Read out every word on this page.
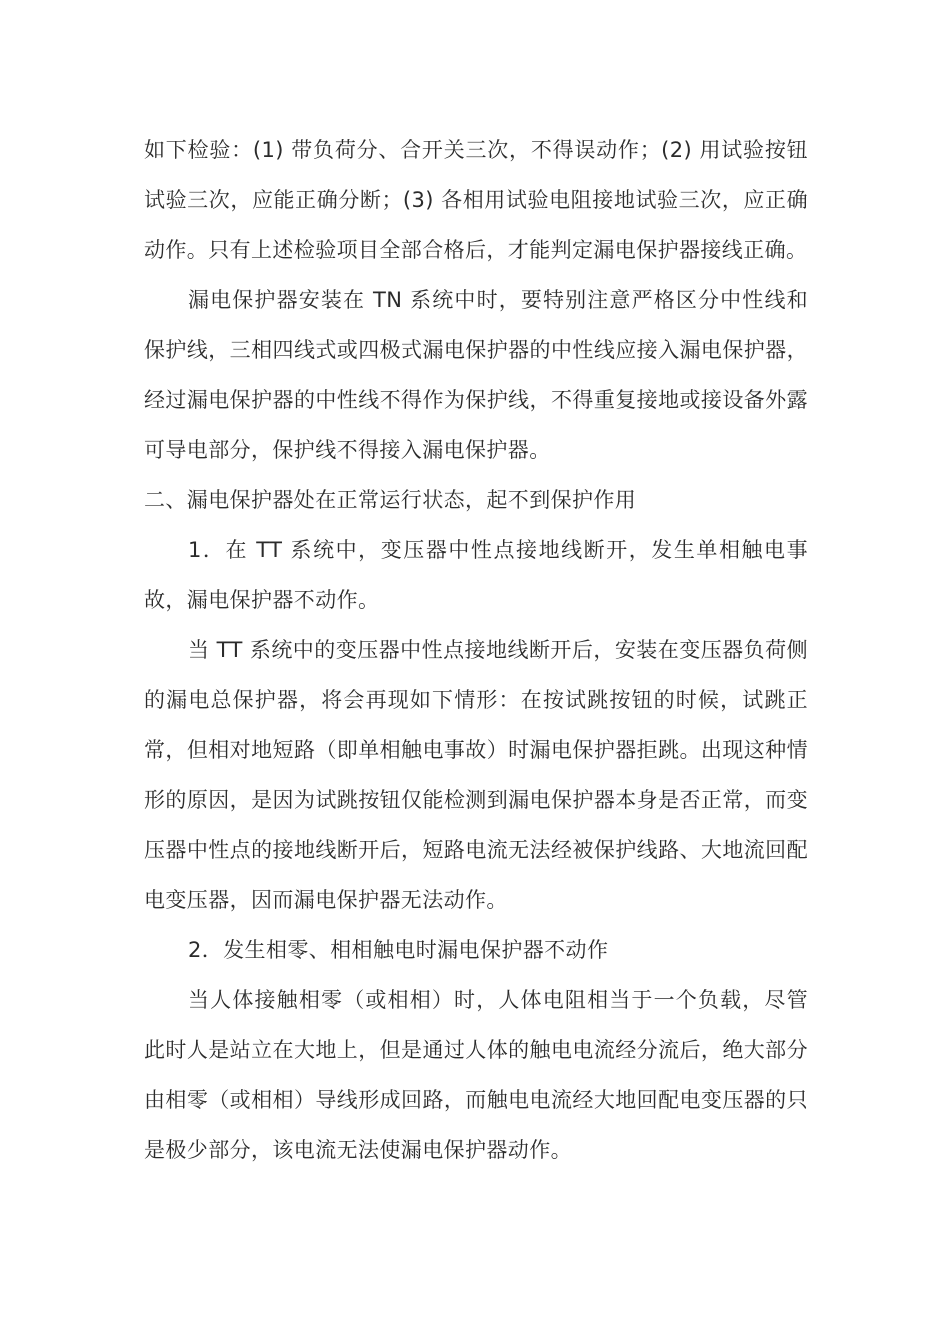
如下检验：(1) 带负荷分、合开关三次，不得误动作；(2) 用试验按钮试验三次，应能正确分断；(3) 各相用试验电阻接地试验三次，应正确动作。只有上述检验项目全部合格后，才能判定漏电保护器接线正确。

漏电保护器安装在 TN 系统中时，要特别注意严格区分中性线和保护线，三相四线式或四极式漏电保护器的中性线应接入漏电保护器，经过漏电保护器的中性线不得作为保护线，不得重复接地或接设备外露可导电部分，保护线不得接入漏电保护器。

二、漏电保护器处在正常运行状态，起不到保护作用

1．在 TT 系统中，变压器中性点接地线断开，发生单相触电事故，漏电保护器不动作。

当 TT 系统中的变压器中性点接地线断开后，安装在变压器负荷侧的漏电总保护器，将会再现如下情形：在按试跳按钮的时候，试跳正常，但相对地短路（即单相触电事故）时漏电保护器拒跳。出现这种情形的原因，是因为试跳按钮仅能检测到漏电保护器本身是否正常，而变压器中性点的接地线断开后，短路电流无法经被保护线路、大地流回配电变压器，因而漏电保护器无法动作。

2．发生相零、相相触电时漏电保护器不动作

当人体接触相零（或相相）时，人体电阻相当于一个负载，尽管此时人是站立在大地上，但是通过人体的触电电流经分流后，绝大部分由相零（或相相）导线形成回路，而触电电流经大地回配电变压器的只是极少部分，该电流无法使漏电保护器动作。
